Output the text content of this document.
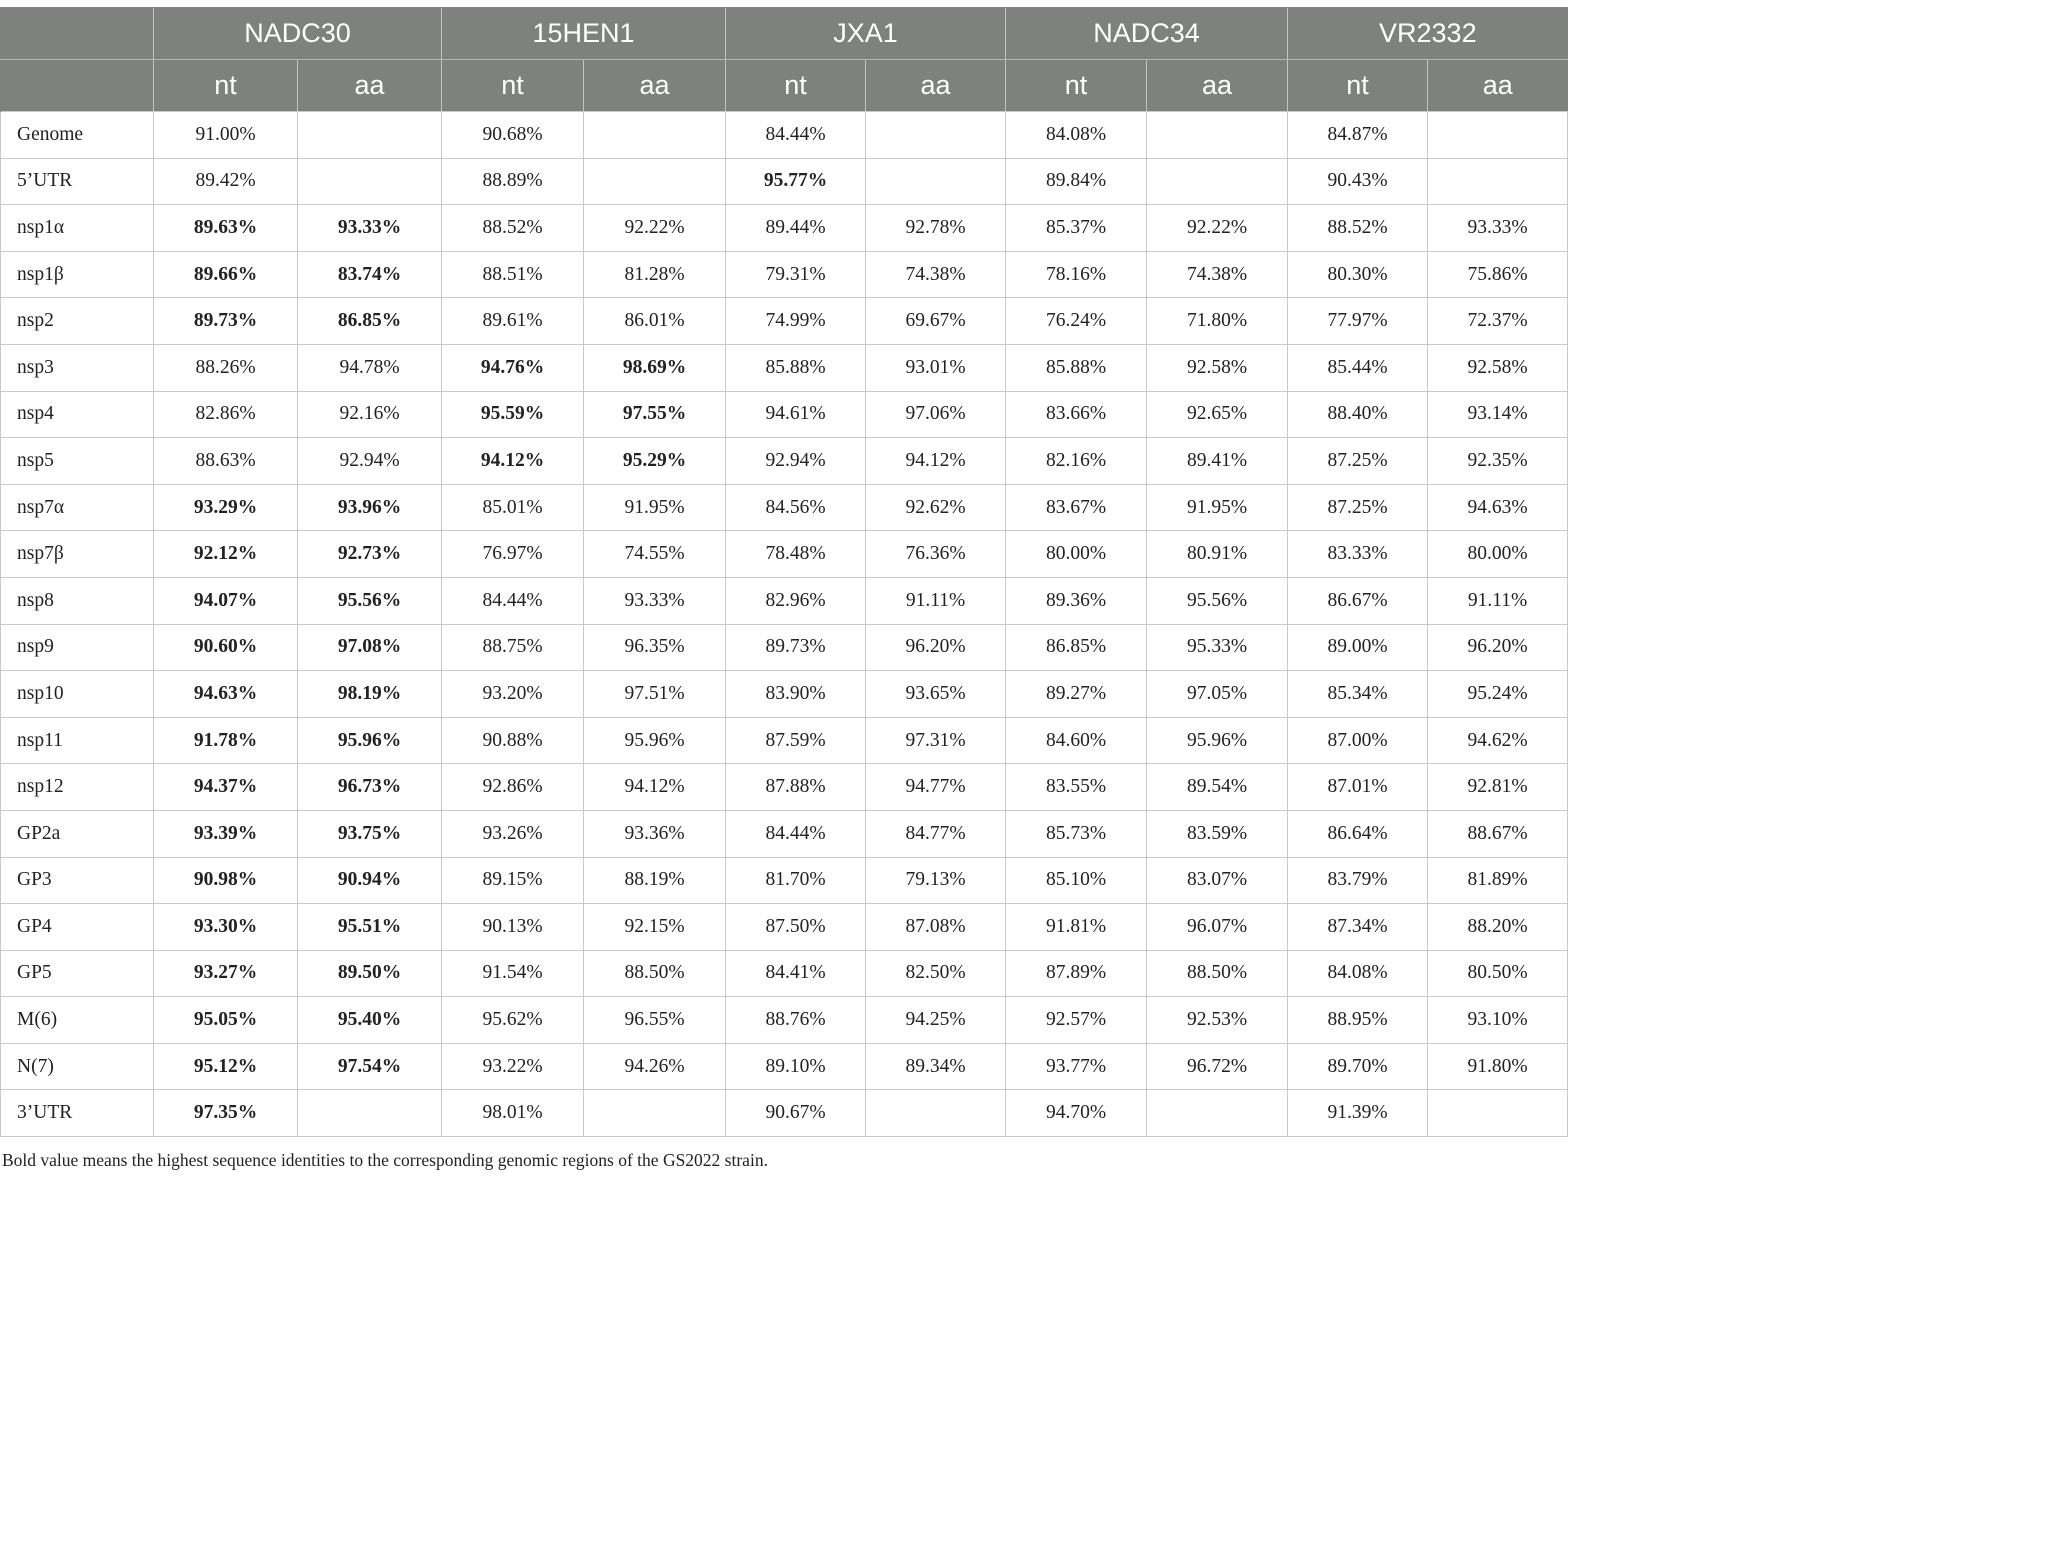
	NADC30		15HEN1		JXA1		NADC34		VR2332	
	nt	aa	nt	aa	nt	aa	nt	aa	nt	aa
Genome	91.00%		90.68%		84.44%		84.08%		84.87%	
5’UTR	89.42%		88.89%		95.77%		89.84%		90.43%	
nsp1α	89.63%	93.33%	88.52%	92.22%	89.44%	92.78%	85.37%	92.22%	88.52%	93.33%
nsp1β	89.66%	83.74%	88.51%	81.28%	79.31%	74.38%	78.16%	74.38%	80.30%	75.86%
nsp2	89.73%	86.85%	89.61%	86.01%	74.99%	69.67%	76.24%	71.80%	77.97%	72.37%
nsp3	88.26%	94.78%	94.76%	98.69%	85.88%	93.01%	85.88%	92.58%	85.44%	92.58%
nsp4	82.86%	92.16%	95.59%	97.55%	94.61%	97.06%	83.66%	92.65%	88.40%	93.14%
nsp5	88.63%	92.94%	94.12%	95.29%	92.94%	94.12%	82.16%	89.41%	87.25%	92.35%
nsp7α	93.29%	93.96%	85.01%	91.95%	84.56%	92.62%	83.67%	91.95%	87.25%	94.63%
nsp7β	92.12%	92.73%	76.97%	74.55%	78.48%	76.36%	80.00%	80.91%	83.33%	80.00%
nsp8	94.07%	95.56%	84.44%	93.33%	82.96%	91.11%	89.36%	95.56%	86.67%	91.11%
nsp9	90.60%	97.08%	88.75%	96.35%	89.73%	96.20%	86.85%	95.33%	89.00%	96.20%
nsp10	94.63%	98.19%	93.20%	97.51%	83.90%	93.65%	89.27%	97.05%	85.34%	95.24%
nsp11	91.78%	95.96%	90.88%	95.96%	87.59%	97.31%	84.60%	95.96%	87.00%	94.62%
nsp12	94.37%	96.73%	92.86%	94.12%	87.88%	94.77%	83.55%	89.54%	87.01%	92.81%
GP2a	93.39%	93.75%	93.26%	93.36%	84.44%	84.77%	85.73%	83.59%	86.64%	88.67%
GP3	90.98%	90.94%	89.15%	88.19%	81.70%	79.13%	85.10%	83.07%	83.79%	81.89%
GP4	93.30%	95.51%	90.13%	92.15%	87.50%	87.08%	91.81%	96.07%	87.34%	88.20%
GP5	93.27%	89.50%	91.54%	88.50%	84.41%	82.50%	87.89%	88.50%	84.08%	80.50%
M(6)	95.05%	95.40%	95.62%	96.55%	88.76%	94.25%	92.57%	92.53%	88.95%	93.10%
N(7)	95.12%	97.54%	93.22%	94.26%	89.10%	89.34%	93.77%	96.72%	89.70%	91.80%
3’UTR	97.35%		98.01%		90.67%		94.70%		91.39%	

Bold value means the highest sequence identities to the corresponding genomic regions of the GS2022 strain.
